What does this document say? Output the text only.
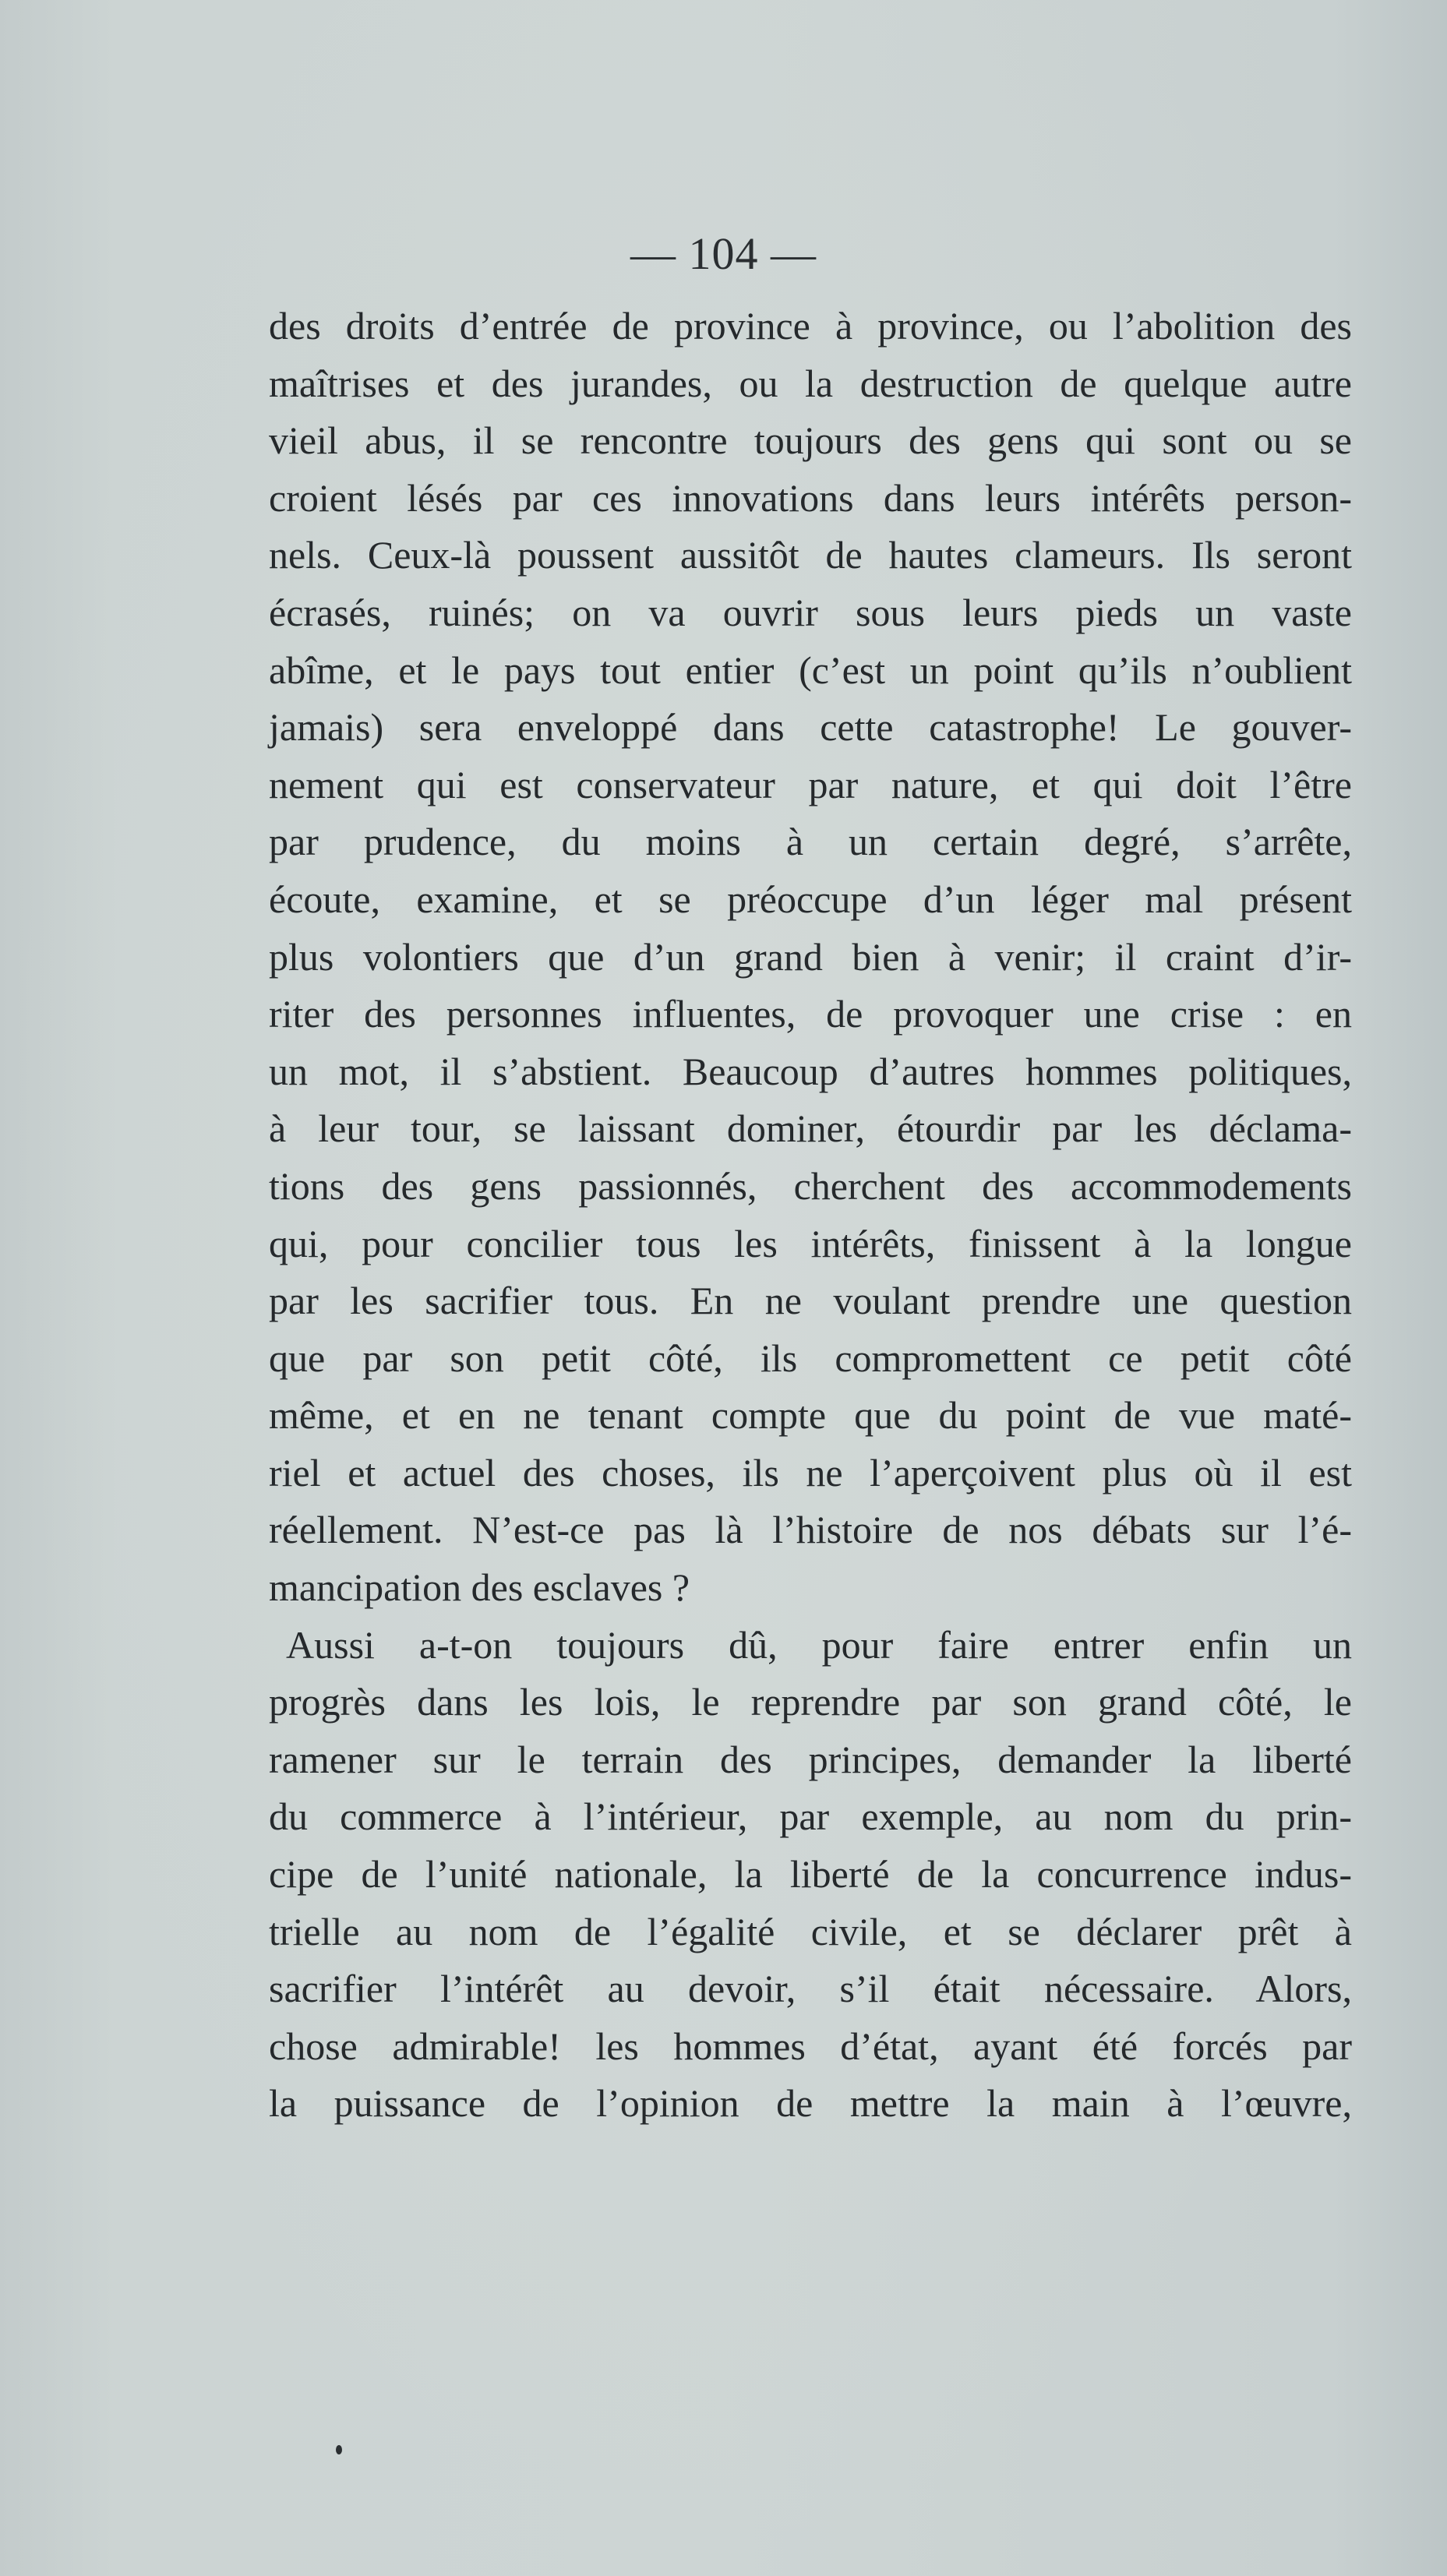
— 104 —
des droits d’entrée de province à province, ou l’abolition des
maîtrises et des jurandes, ou la destruction de quelque autre
vieil abus, il se rencontre toujours des gens qui sont ou se
croient lésés par ces innovations dans leurs intérêts person-
nels. Ceux-là poussent aussitôt de hautes clameurs. Ils seront
écrasés, ruinés; on va ouvrir sous leurs pieds un vaste
abîme, et le pays tout entier (c’est un point qu’ils n’oublient
jamais) sera enveloppé dans cette catastrophe! Le gouver-
nement qui est conservateur par nature, et qui doit l’être
par prudence, du moins à un certain degré, s’arrête,
écoute, examine, et se préoccupe d’un léger mal présent
plus volontiers que d’un grand bien à venir; il craint d’ir-
riter des personnes influentes, de provoquer une crise : en
un mot, il s’abstient. Beaucoup d’autres hommes politiques,
à leur tour, se laissant dominer, étourdir par les déclama-
tions des gens passionnés, cherchent des accommodements
qui, pour concilier tous les intérêts, finissent à la longue
par les sacrifier tous. En ne voulant prendre une question
que par son petit côté, ils compromettent ce petit côté
même, et en ne tenant compte que du point de vue maté-
riel et actuel des choses, ils ne l’aperçoivent plus où il est
réellement. N’est-ce pas là l’histoire de nos débats sur l’é-
mancipation des esclaves ?
Aussi a-t-on toujours dû, pour faire entrer enfin un
progrès dans les lois, le reprendre par son grand côté, le
ramener sur le terrain des principes, demander la liberté
du commerce à l’intérieur, par exemple, au nom du prin-
cipe de l’unité nationale, la liberté de la concurrence indus-
trielle au nom de l’égalité civile, et se déclarer prêt à
sacrifier l’intérêt au devoir, s’il était nécessaire. Alors,
chose admirable! les hommes d’état, ayant été forcés par
la puissance de l’opinion de mettre la main à l’œuvre,
